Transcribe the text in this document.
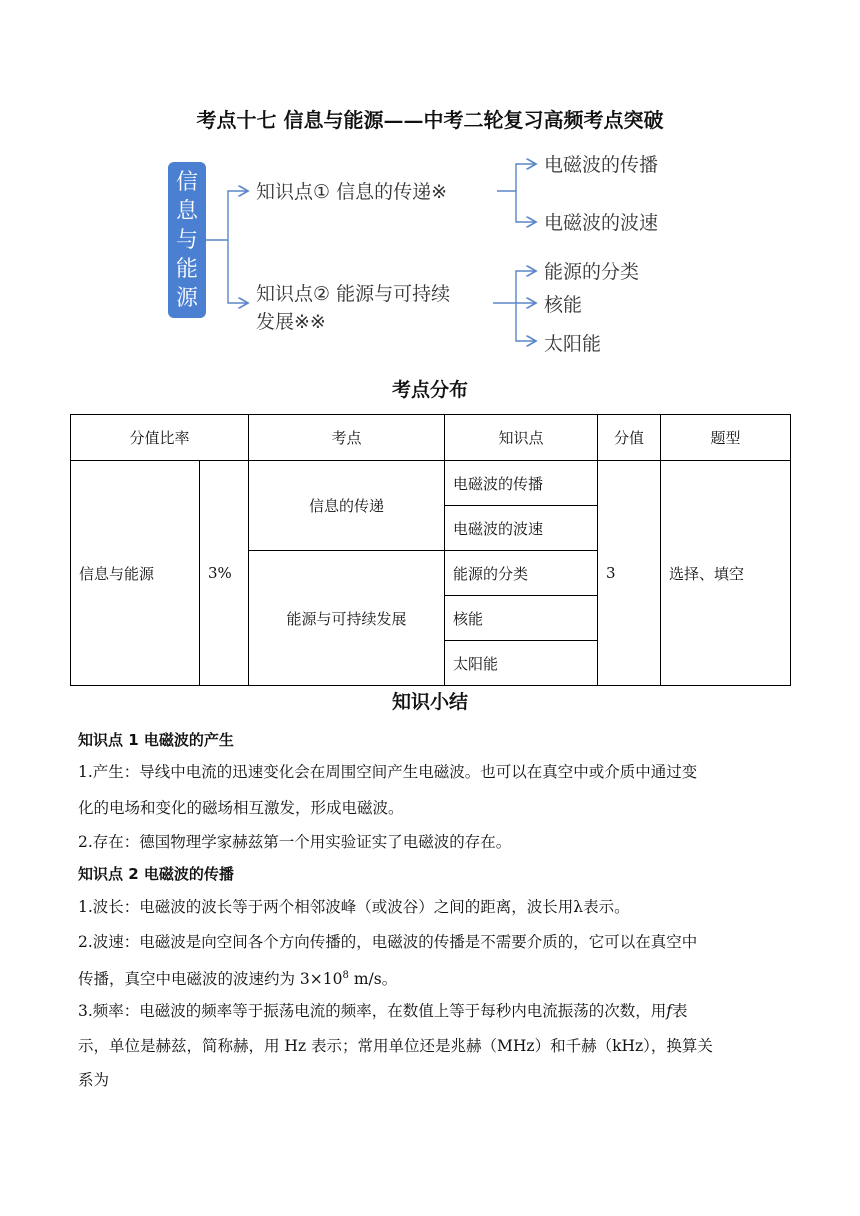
考点十七 信息与能源——中考二轮复习高频考点突破
信
息
与
能
源
知识点① 信息的传递※
电磁波的传播
电磁波的波速
知识点② 能源与可持续
发展※※
能源的分类
核能
太阳能
考点分布
分值比率		考点	知识点	分值	题型
信息与能源	3%	信息的传递	电磁波的传播	3	选择、填空
			电磁波的波速		
		能源与可持续发展	能源的分类		
			核能		
			太阳能		
知识小结
知识点 1 电磁波的产生
1.产生：导线中电流的迅速变化会在周围空间产生电磁波。也可以在真空中或介质中通过变
化的电场和变化的磁场相互激发，形成电磁波。
2.存在：德国物理学家赫兹第一个用实验证实了电磁波的存在。
知识点 2 电磁波的传播
1.波长：电磁波的波长等于两个相邻波峰（或波谷）之间的距离，波长用λ表示。
2.波速：电磁波是向空间各个方向传播的，电磁波的传播是不需要介质的，它可以在真空中
传播，真空中电磁波的波速约为 $3\times 10^8$ m/s。
3.频率：电磁波的频率等于振荡电流的频率，在数值上等于每秒内电流振荡的次数，用f表
示，单位是赫兹，简称赫，用 Hz 表示；常用单位还是兆赫（MHz）和千赫（kHz），换算关
系为
